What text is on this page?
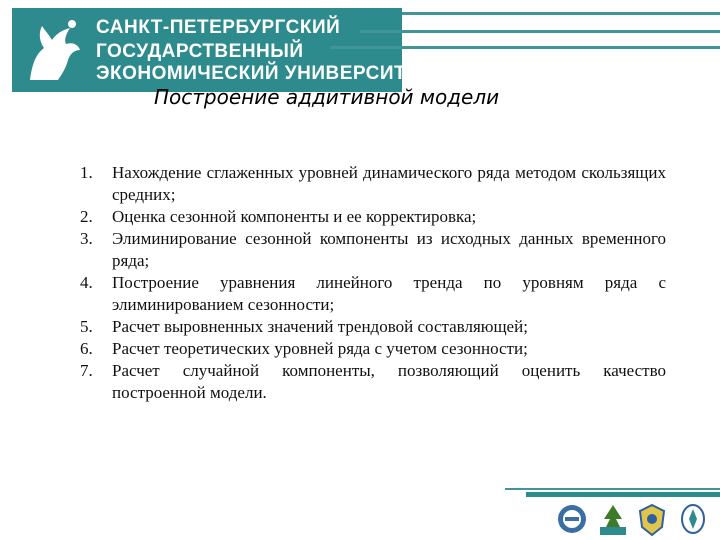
САНКТ-ПЕТЕРБУРГСКИЙ
ГОСУДАРСТВЕННЫЙ
ЭКОНОМИЧЕСКИЙ УНИВЕРСИТЕТ
Построение аддитивной модели
1.	Нахождение сглаженных уровней динамического ряда методом скользящих средних;
2.	Оценка сезонной компоненты и ее корректировка;
3.	Элиминирование сезонной компоненты из исходных данных временного ряда;
4.	Построение уравнения линейного тренда по уровням ряда с элиминированием сезонности;
5.	Расчет выровненных значений трендовой составляющей;
6.	Расчет теоретических уровней ряда с учетом сезонности;
7.	Расчет случайной компоненты, позволяющий оценить качество построенной модели.
